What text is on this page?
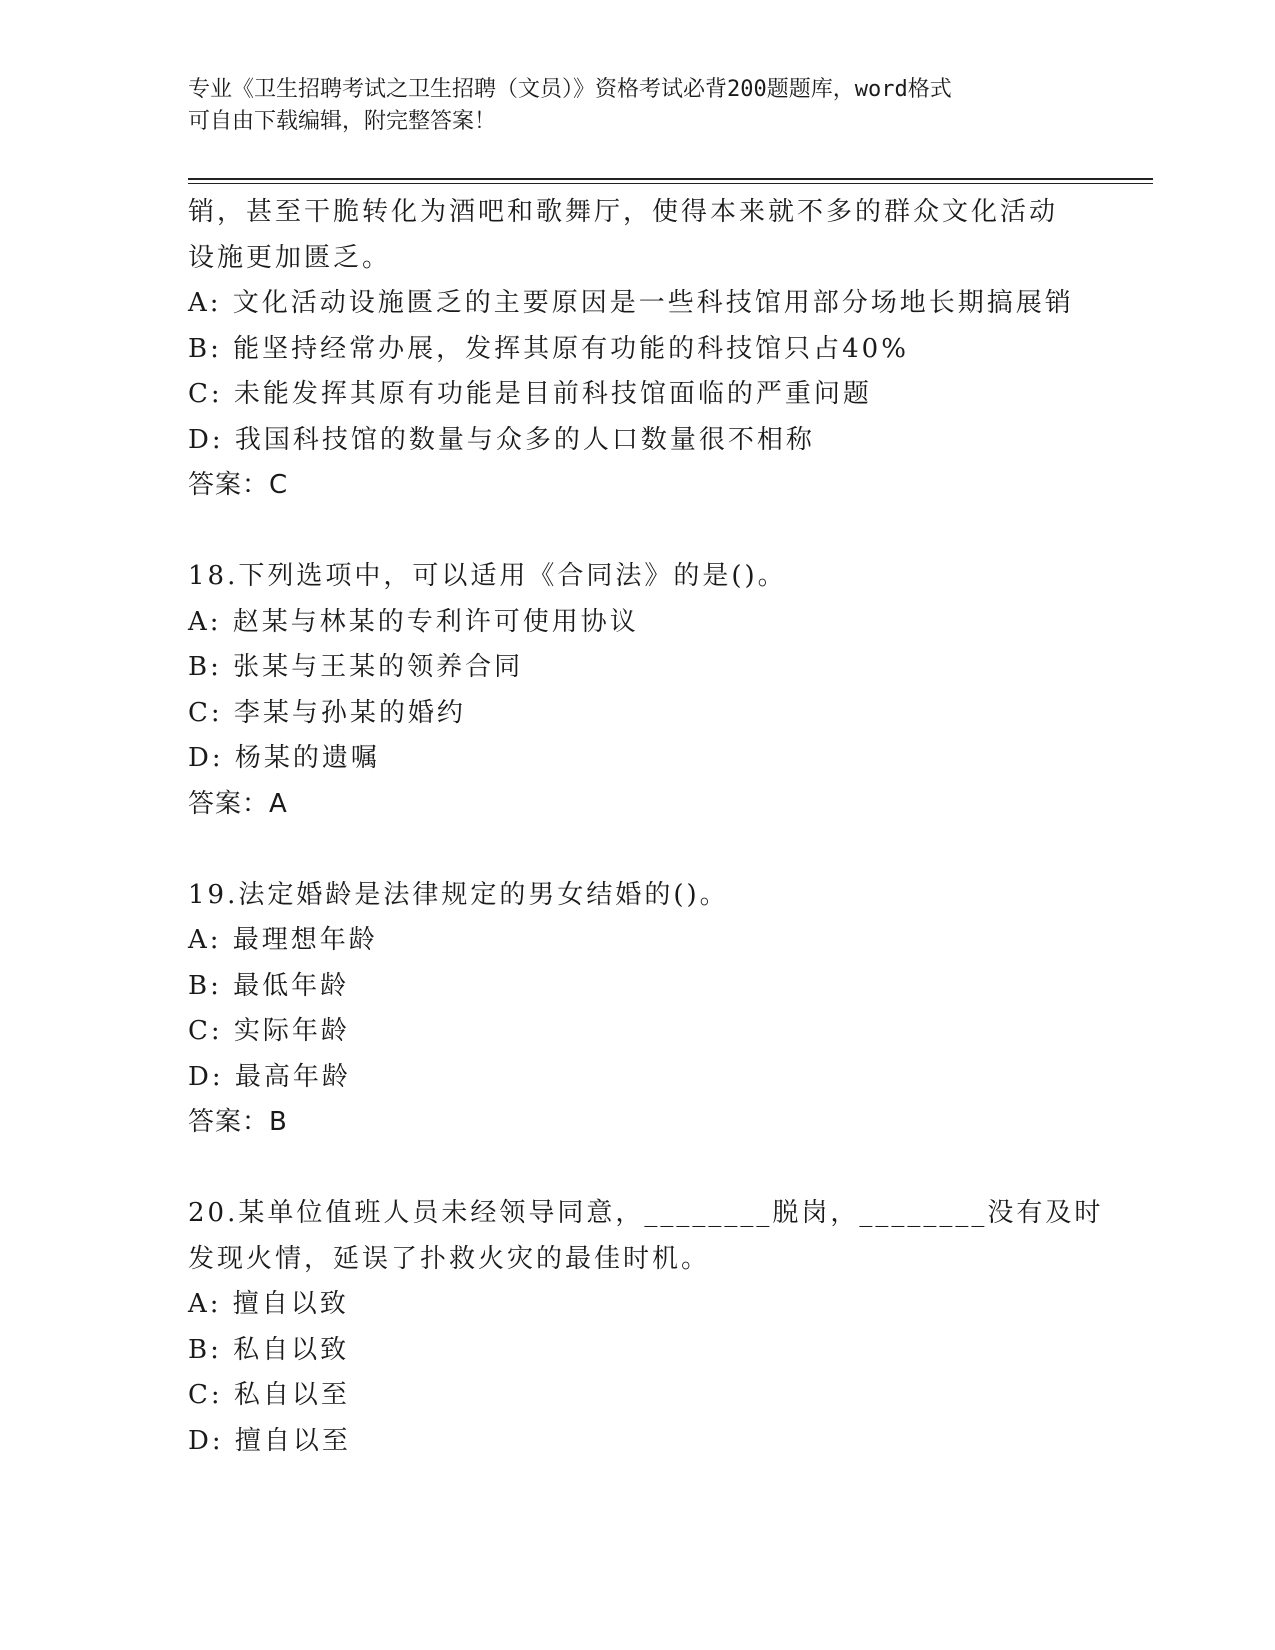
专业《卫生招聘考试之卫生招聘（文员）》资格考试必背200题题库，word格式
可自由下载编辑，附完整答案！
销，甚至干脆转化为酒吧和歌舞厅，使得本来就不多的群众文化活动
设施更加匮乏。
A: 文化活动设施匮乏的主要原因是一些科技馆用部分场地长期搞展销
B: 能坚持经常办展，发挥其原有功能的科技馆只占40%
C: 未能发挥其原有功能是目前科技馆面临的严重问题
D: 我国科技馆的数量与众多的人口数量很不相称
答案：C
18.下列选项中，可以适用《合同法》的是()。
A: 赵某与林某的专利许可使用协议
B: 张某与王某的领养合同
C: 李某与孙某的婚约
D: 杨某的遗嘱
答案：A
19.法定婚龄是法律规定的男女结婚的()。
A: 最理想年龄
B: 最低年龄
C: 实际年龄
D: 最高年龄
答案：B
20.某单位值班人员未经领导同意，________脱岗，________没有及时
发现火情，延误了扑救火灾的最佳时机。
A: 擅自以致
B: 私自以致
C: 私自以至
D: 擅自以至
